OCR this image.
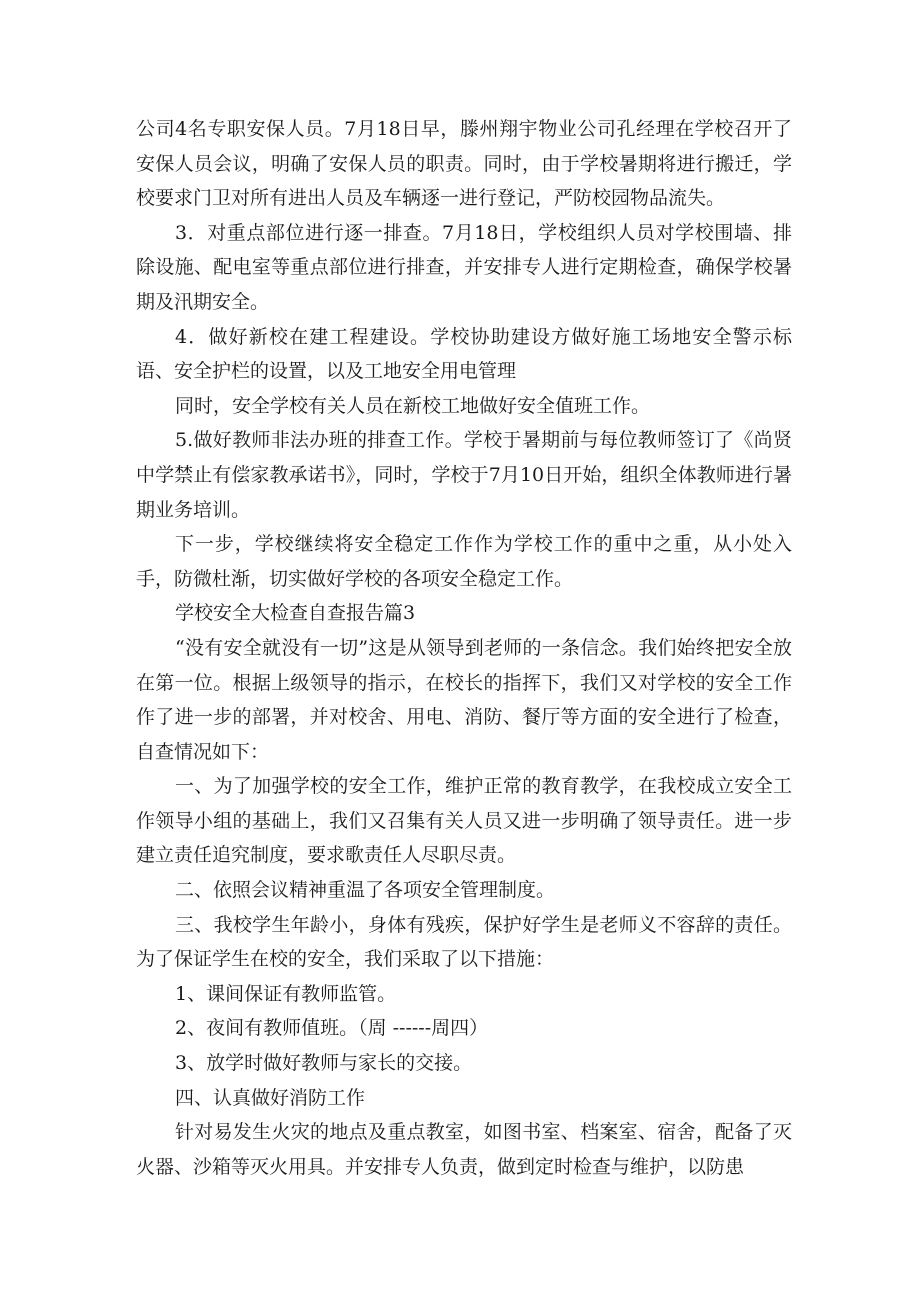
公司4名专职安保人员。7月18日早，滕州翔宇物业公司孔经理在学校召开了安保人员会议，明确了安保人员的职责。同时，由于学校暑期将进行搬迁，学校要求门卫对所有进出人员及车辆逐一进行登记，严防校园物品流失。

3．对重点部位进行逐一排查。7月18日，学校组织人员对学校围墙、排除设施、配电室等重点部位进行排查，并安排专人进行定期检查，确保学校暑期及汛期安全。

4．做好新校在建工程建设。学校协助建设方做好施工场地安全警示标语、安全护栏的设置，以及工地安全用电管理

同时，安全学校有关人员在新校工地做好安全值班工作。

5.做好教师非法办班的排查工作。学校于暑期前与每位教师签订了《尚贤中学禁止有偿家教承诺书》，同时，学校于7月10日开始，组织全体教师进行暑期业务培训。

下一步，学校继续将安全稳定工作作为学校工作的重中之重，从小处入手，防微杜渐，切实做好学校的各项安全稳定工作。

学校安全大检查自查报告篇3

“没有安全就没有一切”这是从领导到老师的一条信念。我们始终把安全放在第一位。根据上级领导的指示，在校长的指挥下，我们又对学校的安全工作作了进一步的部署，并对校舍、用电、消防、餐厅等方面的安全进行了检查，自查情况如下：

一、为了加强学校的安全工作，维护正常的教育教学，在我校成立安全工作领导小组的基础上，我们又召集有关人员又进一步明确了领导责任。进一步建立责任追究制度，要求歌责任人尽职尽责。

二、依照会议精神重温了各项安全管理制度。

三、我校学生年龄小，身体有残疾，保护好学生是老师义不容辞的责任。为了保证学生在校的安全，我们采取了以下措施：

1、课间保证有教师监管。

2、夜间有教师值班。（周 ------周四）

3、放学时做好教师与家长的交接。

四、认真做好消防工作

针对易发生火灾的地点及重点教室，如图书室、档案室、宿舍，配备了灭火器、沙箱等灭火用具。并安排专人负责，做到定时检查与维护，以防患
